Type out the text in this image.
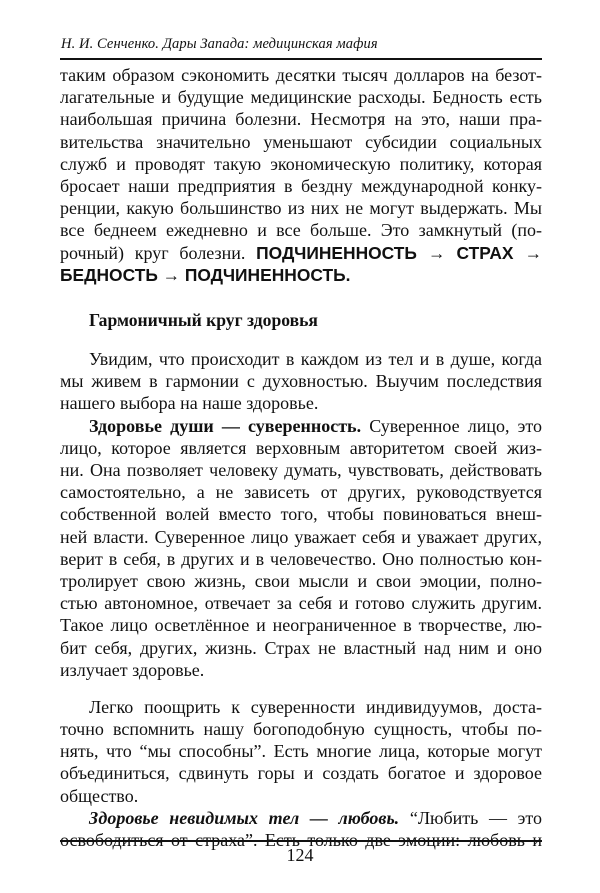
Н. И. Сенченко. Дары Запада: медицинская мафия
таким образом сэкономить десятки тысяч долларов на безот-
лагательные и будущие медицинские расходы. Бедность есть
наибольшая причина болезни. Несмотря на это, наши пра-
вительства значительно уменьшают субсидии социальных
служб и проводят такую экономическую политику, которая
бросает наши предприятия в бездну международной конку-
ренции, какую большинство из них не могут выдержать. Мы
все беднеем ежедневно и все больше. Это замкнутый (по-
рочный) круг болезни. ПОДЧИНЕННОСТЬ → СТРАХ →
БЕДНОСТЬ → ПОДЧИНЕННОСТЬ.
Гармоничный круг здоровья
Увидим, что происходит в каждом из тел и в душе, когда
мы живем в гармонии с духовностью. Выучим последствия
нашего выбора на наше здоровье.
Здоровье души — суверенность. Суверенное лицо, это
лицо, которое является верховным авторитетом своей жиз-
ни. Она позволяет человеку думать, чувствовать, действовать
самостоятельно, а не зависеть от других, руководствуется
собственной волей вместо того, чтобы повиноваться внеш-
ней власти. Суверенное лицо уважает себя и уважает других,
верит в себя, в других и в человечество. Оно полностью кон-
тролирует свою жизнь, свои мысли и свои эмоции, полно-
стью автономное, отвечает за себя и готово служить другим.
Такое лицо осветлённое и неограниченное в творчестве, лю-
бит себя, других, жизнь. Страх не властный над ним и оно
излучает здоровье.
Легко поощрить к суверенности индивидуумов, доста-
точно вспомнить нашу богоподобную сущность, чтобы по-
нять, что “мы способны”. Есть многие лица, которые могут
объединиться, сдвинуть горы и создать богатое и здоровое
общество.
Здоровье невидимых тел — любовь. “Любить — это
освободиться от страха”. Есть только две эмоции: любовь и
124
